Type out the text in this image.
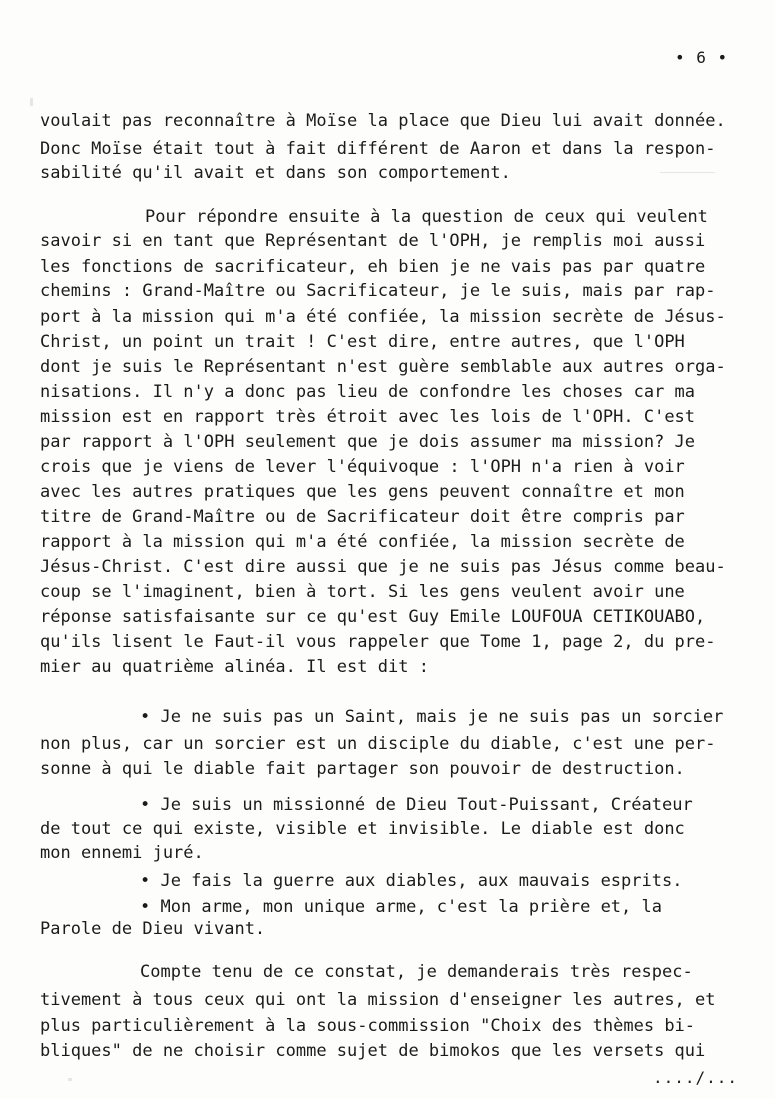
• 6 •
voulait pas reconnaître à Moïse la place que Dieu lui avait donnée.
Donc Moïse était tout à fait différent de Aaron et dans la respon-
sabilité qu'il avait et dans son comportement.
Pour répondre ensuite à la question de ceux qui veulent
savoir si en tant que Représentant de l'OPH, je remplis moi aussi
les fonctions de sacrificateur, eh bien je ne vais pas par quatre
chemins : Grand-Maître ou Sacrificateur, je le suis, mais par rap-
port à la mission qui m'a été confiée, la mission secrète de Jésus-
Christ, un point un trait ! C'est dire, entre autres, que l'OPH
dont je suis le Représentant n'est guère semblable aux autres orga-
nisations. Il n'y a donc pas lieu de confondre les choses car ma
mission est en rapport très étroit avec les lois de l'OPH. C'est
par rapport à l'OPH seulement que je dois assumer ma mission? Je
crois que je viens de lever l'équivoque : l'OPH n'a rien à voir
avec les autres pratiques que les gens peuvent connaître et mon
titre de Grand-Maître ou de Sacrificateur doit être compris par
rapport à la mission qui m'a été confiée, la mission secrète de
Jésus-Christ. C'est dire aussi que je ne suis pas Jésus comme beau-
coup se l'imaginent, bien à tort. Si les gens veulent avoir une
réponse satisfaisante sur ce qu'est Guy Emile LOUFOUA CETIKOUABO,
qu'ils lisent le Faut-il vous rappeler que Tome 1, page 2, du pre-
mier au quatrième alinéa. Il est dit :
• Je ne suis pas un Saint, mais je ne suis pas un sorcier
non plus, car un sorcier est un disciple du diable, c'est une per-
sonne à qui le diable fait partager son pouvoir de destruction.
• Je suis un missionné de Dieu Tout-Puissant, Créateur
de tout ce qui existe, visible et invisible. Le diable est donc
mon ennemi juré.
• Je fais la guerre aux diables, aux mauvais esprits.
• Mon arme, mon unique arme, c'est la prière et, la
Parole de Dieu vivant.
Compte tenu de ce constat, je demanderais très respec-
tivement à tous ceux qui ont la mission d'enseigner les autres, et
plus particulièrement à la sous-commission "Choix des thèmes bi-
bliques" de ne choisir comme sujet de bimokos que les versets qui
..../...
